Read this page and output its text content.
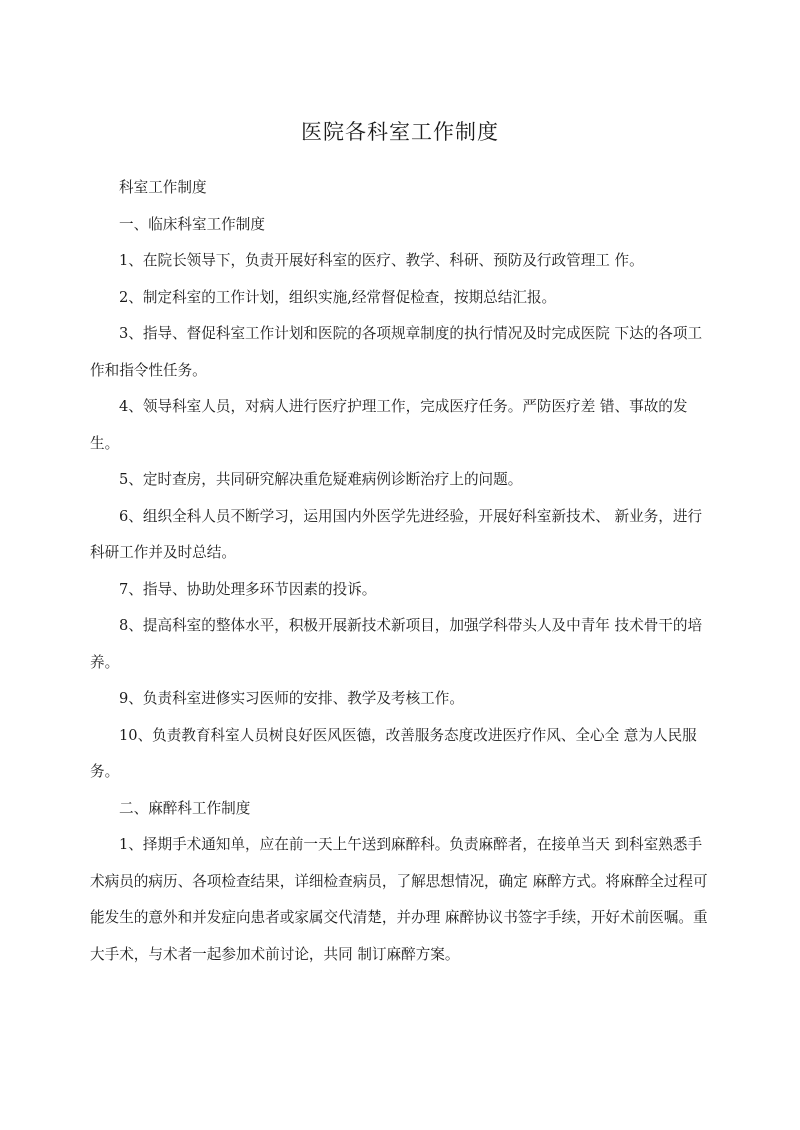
医院各科室工作制度

科室工作制度

一、临床科室工作制度

1、在院长领导下，负责开展好科室的医疗、教学、科研、预防及行政管理工 作。

2、制定科室的工作计划，组织实施,经常督促检查，按期总结汇报。

3、指导、督促科室工作计划和医院的各项规章制度的执行情况及时完成医院 下达的各项工作和指令性任务。

4、领导科室人员，对病人进行医疗护理工作，完成医疗任务。严防医疗差 错、事故的发生。

5、定时查房，共同研究解决重危疑难病例诊断治疗上的问题。

6、组织全科人员不断学习，运用国内外医学先进经验，开展好科室新技术、 新业务，进行科研工作并及时总结。

7、指导、协助处理多环节因素的投诉。

8、提高科室的整体水平，积极开展新技术新项目，加强学科带头人及中青年 技术骨干的培养。

9、负责科室进修实习医师的安排、教学及考核工作。

10、负责教育科室人员树良好医风医德，改善服务态度改进医疗作风、全心全 意为人民服务。

二、麻醉科工作制度

1、择期手术通知单，应在前一天上午送到麻醉科。负责麻醉者，在接单当天 到科室熟悉手术病员的病历、各项检查结果，详细检查病员，了解思想情况，确定 麻醉方式。将麻醉全过程可能发生的意外和并发症向患者或家属交代清楚，并办理 麻醉协议书签字手续，开好术前医嘱。重大手术，与术者一起参加术前讨论，共同 制订麻醉方案。
